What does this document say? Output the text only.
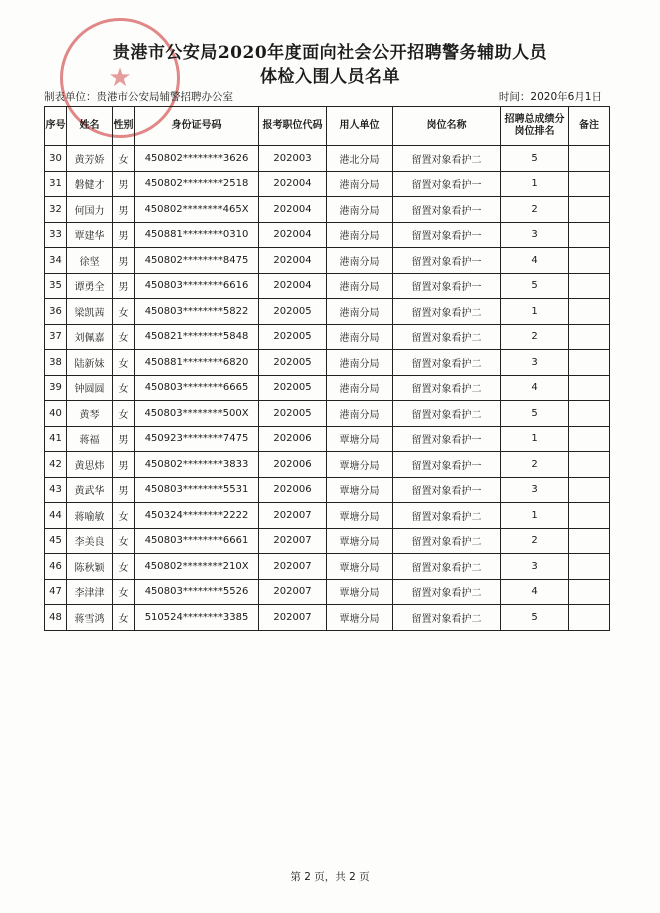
★
贵港市公安局2020年度面向社会公开招聘警务辅助人员
体检入围人员名单
制表单位：贵港市公安局辅警招聘办公室	时间：2020年6月1日
序号	姓名	性别	身份证号码	报考职位代码	用人单位	岗位名称	招聘总成绩分岗位排名	备注
30	黄芳娇	女	450802********3626	202003	港北分局	留置对象看护二	5	
31	磐健才	男	450802********2518	202004	港南分局	留置对象看护一	1	
32	何国力	男	450802********465X	202004	港南分局	留置对象看护一	2	
33	覃建华	男	450881********0310	202004	港南分局	留置对象看护一	3	
34	徐坚	男	450802********8475	202004	港南分局	留置对象看护一	4	
35	谭勇全	男	450803********6616	202004	港南分局	留置对象看护一	5	
36	梁凯茜	女	450803********5822	202005	港南分局	留置对象看护二	1	
37	刘佩嘉	女	450821********5848	202005	港南分局	留置对象看护二	2	
38	陆新妹	女	450881********6820	202005	港南分局	留置对象看护二	3	
39	钟圆圆	女	450803********6665	202005	港南分局	留置对象看护二	4	
40	黄琴	女	450803********500X	202005	港南分局	留置对象看护二	5	
41	蒋福	男	450923********7475	202006	覃塘分局	留置对象看护一	1	
42	黄思炜	男	450802********3833	202006	覃塘分局	留置对象看护一	2	
43	黄武华	男	450803********5531	202006	覃塘分局	留置对象看护一	3	
44	蒋喻敏	女	450324********2222	202007	覃塘分局	留置对象看护二	1	
45	李美良	女	450803********6661	202007	覃塘分局	留置对象看护二	2	
46	陈秋颖	女	450802********210X	202007	覃塘分局	留置对象看护二	3	
47	李津津	女	450803********5526	202007	覃塘分局	留置对象看护二	4	
48	蒋雪鸿	女	510524********3385	202007	覃塘分局	留置对象看护二	5	
第 2 页，共 2 页
